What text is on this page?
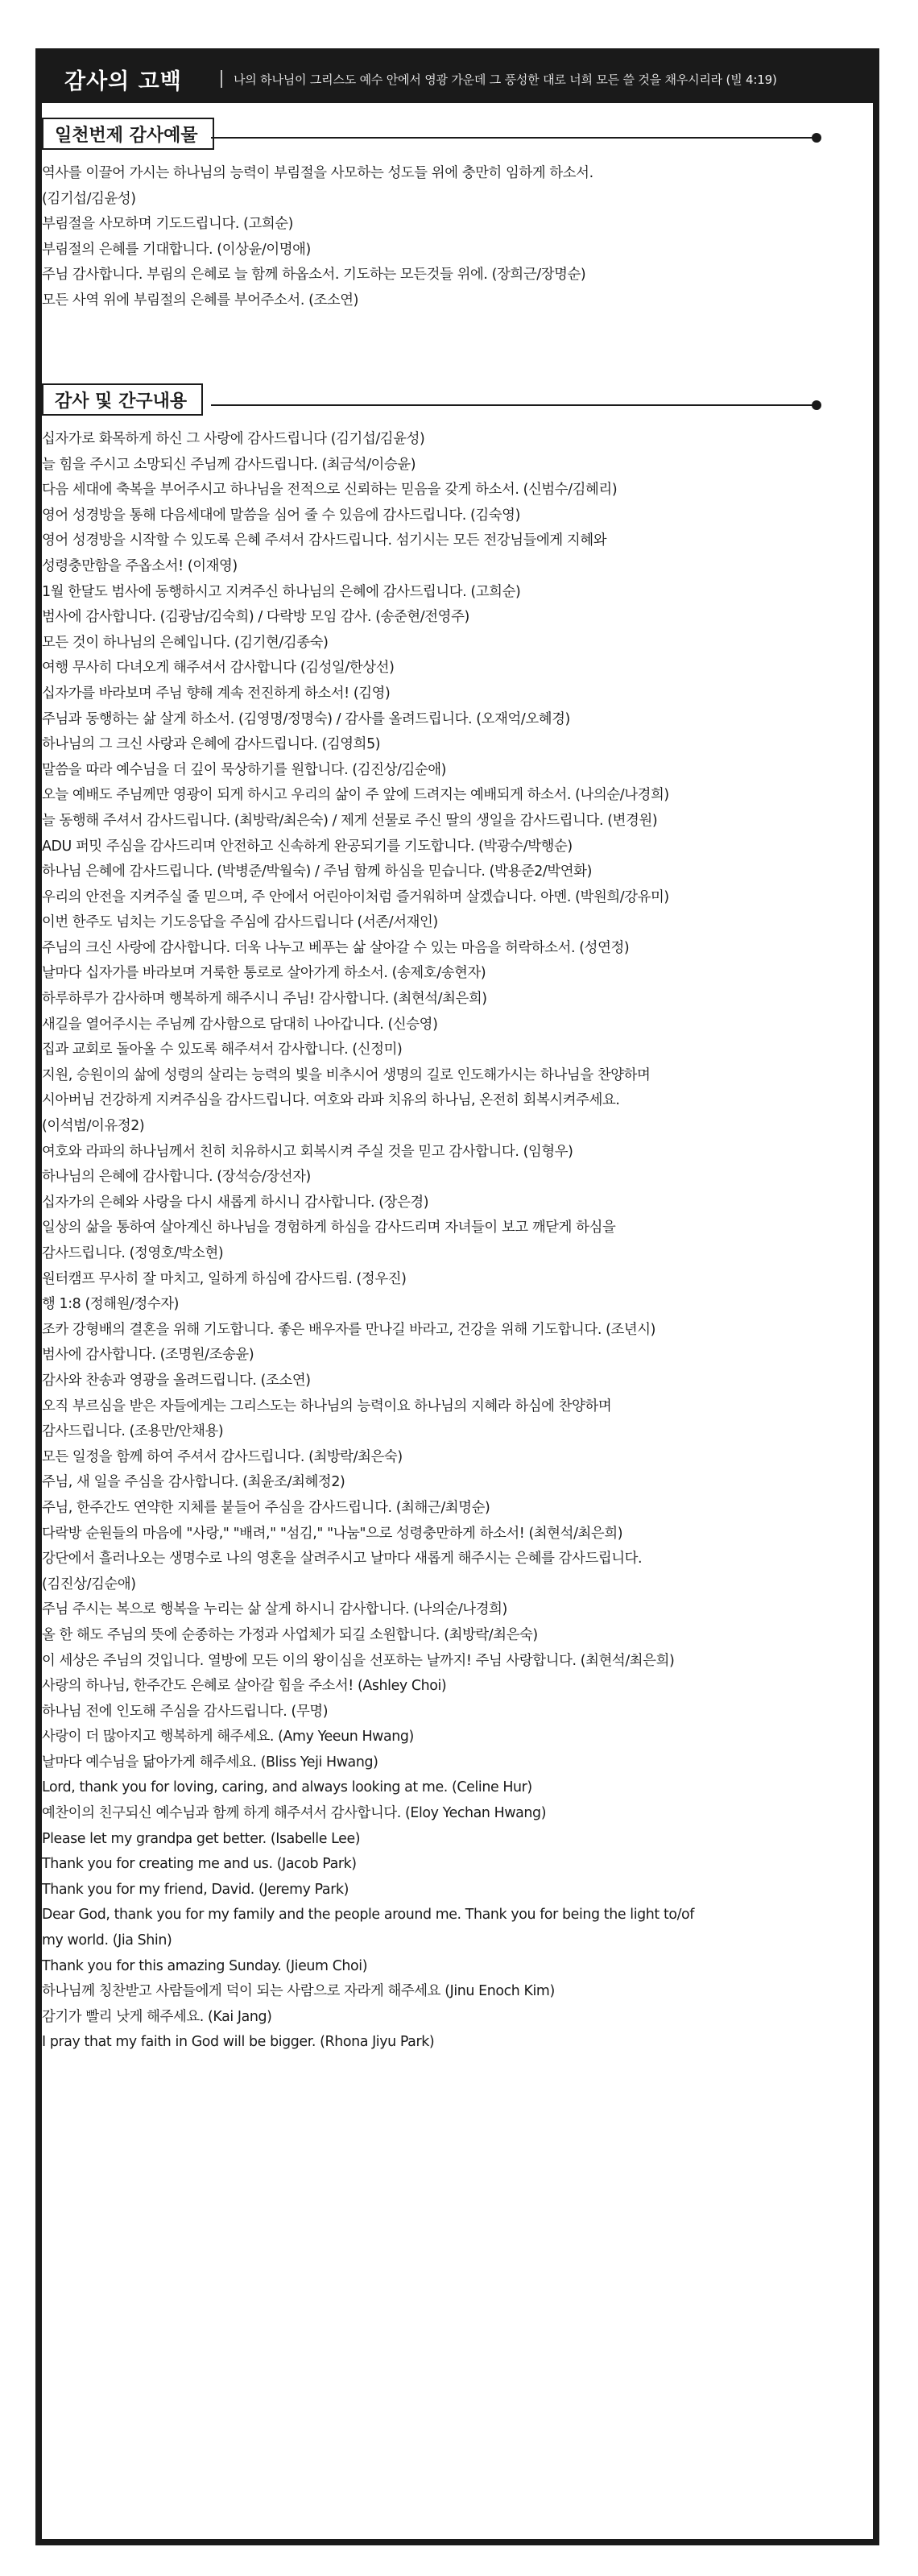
감사의 고백	나의 하나님이 그리스도 예수 안에서 영광 가운데 그 풍성한 대로 너희 모든 쓸 것을 채우시리라 (빌 4:19)
일천번제 감사예물
역사를 이끌어 가시는 하나님의 능력이 부림절을 사모하는 성도들 위에 충만히 임하게 하소서.
(김기섭/김윤성)
부림절을 사모하며 기도드립니다. (고희순)
부림절의 은혜를 기대합니다. (이상윤/이명애)
주님 감사합니다. 부림의 은혜로 늘 함께 하옵소서. 기도하는 모든것들 위에. (장희근/장명순)
모든 사역 위에 부림절의 은혜를 부어주소서. (조소연)
감사 및 간구내용
십자가로 화목하게 하신 그 사랑에 감사드립니다 (김기섭/김윤성)
늘 힘을 주시고 소망되신 주님께 감사드립니다. (최금석/이승윤)
다음 세대에 축복을 부어주시고 하나님을 전적으로 신뢰하는 믿음을 갖게 하소서. (신범수/김혜리)
영어 성경방을 통해 다음세대에 말씀을 심어 줄 수 있음에 감사드립니다. (김숙영)
영어 성경방을 시작할 수 있도록 은혜 주셔서 감사드립니다. 섬기시는 모든 전강님들에게 지혜와
성령충만함을 주옵소서! (이재영)
1월 한달도 범사에 동행하시고 지켜주신 하나님의 은혜에 감사드립니다. (고희순)
범사에 감사합니다. (김광남/김숙희) / 다락방 모임 감사. (송준현/전영주)
모든 것이 하나님의 은혜입니다. (김기현/김종숙)
여행 무사히 다녀오게 해주셔서 감사합니다 (김성일/한상선)
십자가를 바라보며 주님 향해 계속 전진하게 하소서! (김영)
주님과 동행하는 삶 살게 하소서. (김영명/정명숙) / 감사를 올려드립니다. (오재억/오혜경)
하나님의 그 크신 사랑과 은혜에 감사드립니다. (김영희5)
말씀을 따라 예수님을 더 깊이 묵상하기를 원합니다. (김진상/김순애)
오늘 예배도 주님께만 영광이 되게 하시고 우리의 삶이 주 앞에 드려지는 예배되게 하소서. (나의순/나경희)
늘 동행해 주셔서 감사드립니다. (최방락/최은숙) / 제게 선물로 주신 딸의 생일을 감사드립니다. (변경원)
ADU 퍼밋 주심을 감사드리며 안전하고 신속하게 완공되기를 기도합니다. (박광수/박행순)
하나님 은혜에 감사드립니다. (박병준/박월숙) / 주님 함께 하심을 믿습니다. (박용준2/박연화)
우리의 안전을 지켜주실 줄 믿으며, 주 안에서 어린아이처럼 즐거워하며 살겠습니다. 아멘. (박원희/강유미)
이번 한주도 넘치는 기도응답을 주심에 감사드립니다 (서존/서재인)
주님의 크신 사랑에 감사합니다. 더욱 나누고 베푸는 삶 살아갈 수 있는 마음을 허락하소서. (성연정)
날마다 십자가를 바라보며 거룩한 통로로 살아가게 하소서. (송제호/송현자)
하루하루가 감사하며 행복하게 해주시니 주님! 감사합니다. (최현석/최은희)
새길을 열어주시는 주님께 감사함으로 담대히 나아갑니다. (신승영)
집과 교회로 돌아올 수 있도록 해주셔서 감사합니다. (신정미)
지원, 승원이의 삶에 성령의 살리는 능력의 빛을 비추시어 생명의 길로 인도해가시는 하나님을 찬양하며
시아버님 건강하게 지켜주심을 감사드립니다. 여호와 라파 치유의 하나님, 온전히 회복시켜주세요.
(이석범/이유정2)
여호와 라파의 하나님께서 친히 치유하시고 회복시켜 주실 것을 믿고 감사합니다. (임형우)
하나님의 은혜에 감사합니다. (장석승/장선자)
십자가의 은혜와 사랑을 다시 새롭게 하시니 감사합니다. (장은경)
일상의 삶을 통하여 살아계신 하나님을 경험하게 하심을 감사드리며 자녀들이 보고 깨닫게 하심을
감사드립니다. (정영호/박소현)
원터캠프 무사히 잘 마치고, 일하게 하심에 감사드림. (정우진)
행 1:8 (정해원/정수자)
조카 강형배의 결혼을 위해 기도합니다. 좋은 배우자를 만나길 바라고, 건강을 위해 기도합니다. (조년시)
범사에 감사합니다. (조명원/조송윤)
감사와 찬송과 영광을 올려드립니다. (조소연)
오직 부르심을 받은 자들에게는 그리스도는 하나님의 능력이요 하나님의 지혜라 하심에 찬양하며
감사드립니다. (조용만/안채용)
모든 일정을 함께 하여 주셔서 감사드립니다. (최방락/최은숙)
주님, 새 일을 주심을 감사합니다. (최윤조/최혜정2)
주님, 한주간도 연약한 지체를 붙들어 주심을 감사드립니다. (최해근/최명순)
다락방 순원들의 마음에 "사랑," "배려," "섬김," "나눔"으로 성령충만하게 하소서! (최현석/최은희)
강단에서 흘러나오는 생명수로 나의 영혼을 살려주시고 날마다 새롭게 해주시는 은혜를 감사드립니다.
(김진상/김순애)
주님 주시는 복으로 행복을 누리는 삶 살게 하시니 감사합니다. (나의순/나경희)
올 한 해도 주님의 뜻에 순종하는 가정과 사업체가 되길 소원합니다. (최방락/최은숙)
이 세상은 주님의 것입니다. 열방에 모든 이의 왕이심을 선포하는 날까지! 주님 사랑합니다. (최현석/최은희)
사랑의 하나님, 한주간도 은혜로 살아갈 힘을 주소서! (Ashley Choi)
하나님 전에 인도해 주심을 감사드립니다. (무명)
사랑이 더 많아지고 행복하게 해주세요. (Amy Yeeun Hwang)
날마다 예수님을 닮아가게 해주세요. (Bliss Yeji Hwang)
Lord, thank you for loving, caring, and always looking at me. (Celine Hur)
예찬이의 친구되신 예수님과 함께 하게 해주셔서 감사합니다. (Eloy Yechan Hwang)
Please let my grandpa get better. (Isabelle Lee)
Thank you for creating me and us. (Jacob Park)
Thank you for my friend, David. (Jeremy Park)
Dear God, thank you for my family and the people around me. Thank you for being the light to/of
my world. (Jia Shin)
Thank you for this amazing Sunday. (Jieum Choi)
하나님께 칭찬받고 사람들에게 덕이 되는 사람으로 자라게 해주세요 (Jinu Enoch Kim)
감기가 빨리 낫게 해주세요. (Kai Jang)
I pray that my faith in God will be bigger. (Rhona Jiyu Park)
